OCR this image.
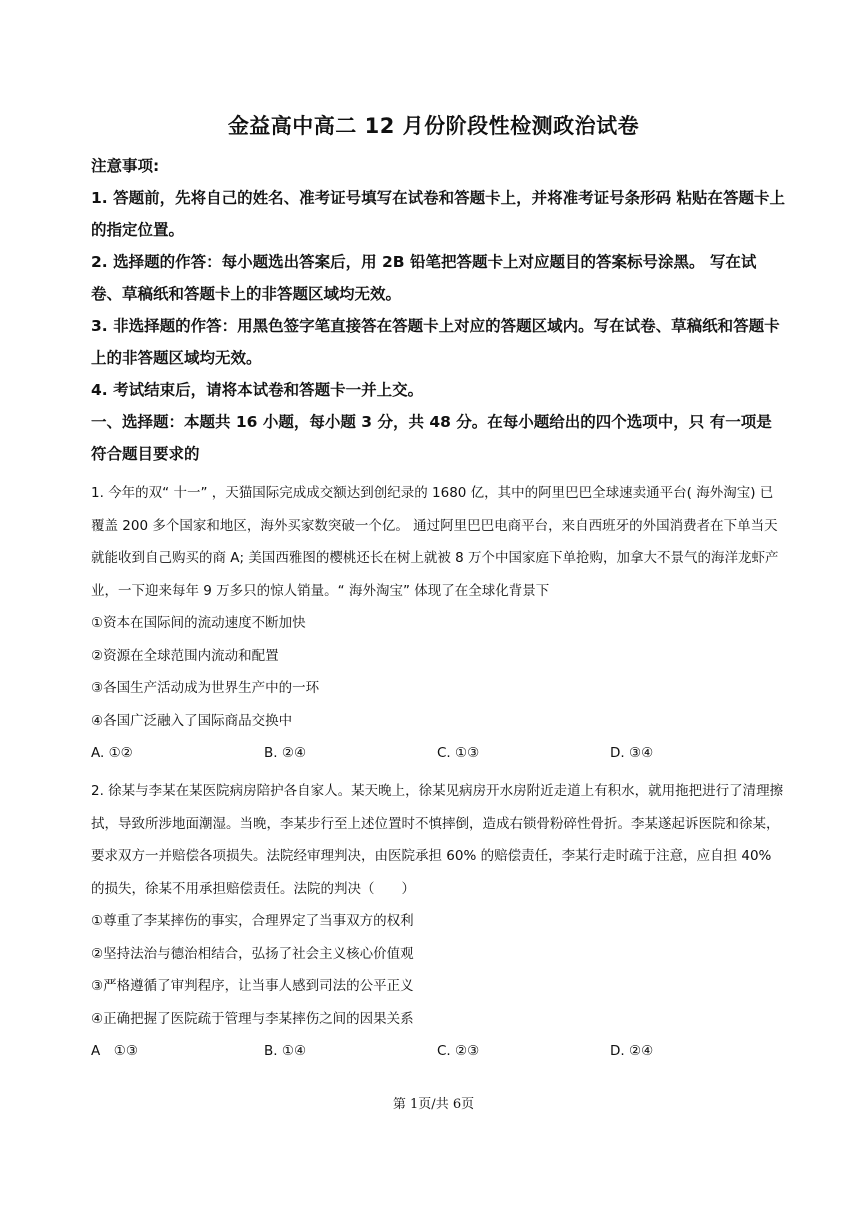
金益高中高二 12 月份阶段性检测政治试卷

注意事项:

1. 答题前，先将自己的姓名、准考证号填写在试卷和答题卡上，并将准考证号条形码 粘贴在答题卡上的指定位置。

2. 选择题的作答：每小题选出答案后，用 2B 铅笔把答题卡上对应题目的答案标号涂黑。 写在试卷、草稿纸和答题卡上的非答题区域均无效。

3. 非选择题的作答：用黑色签字笔直接答在答题卡上对应的答题区域内。写在试卷、草稿纸和答题卡上的非答题区域均无效。

4. 考试结束后，请将本试卷和答题卡一并上交。

一、选择题：本题共 16 小题，每小题 3 分，共 48 分。在每小题给出的四个选项中，只 有一项是符合题目要求的

1. 今年的双“ 十一” ，天猫国际完成成交额达到创纪录的 1680 亿，其中的阿里巴巴全球速卖通平台( 海外淘宝) 已覆盖 200 多个国家和地区，海外买家数突破一个亿。 通过阿里巴巴电商平台，来自西班牙的外国消费者在下单当天就能收到自己购买的商 A; 美国西雅图的樱桃还长在树上就被 8 万个中国家庭下单抢购，加拿大不景气的海洋龙虾产业，一下迎来每年 9 万多只的惊人销量。“ 海外淘宝” 体现了在全球化背景下

①资本在国际间的流动速度不断加快

②资源在全球范围内流动和配置

③各国生产活动成为世界生产中的一环

④各国广泛融入了国际商品交换中

A. ①②	B. ②④	C. ①③	D. ③④

2. 徐某与李某在某医院病房陪护各自家人。某天晚上，徐某见病房开水房附近走道上有积水，就用拖把进行了清理擦拭，导致所涉地面潮湿。当晚，李某步行至上述位置时不慎摔倒，造成右锁骨粉碎性骨折。李某遂起诉医院和徐某，要求双方一并赔偿各项损失。法院经审理判决，由医院承担 60% 的赔偿责任，李某行走时疏于注意，应自担 40% 的损失，徐某不用承担赔偿责任。法院的判决（　　）

①尊重了李某摔伤的事实，合理界定了当事双方的权利

②坚持法治与德治相结合，弘扬了社会主义核心价值观

③严格遵循了审判程序，让当事人感到司法的公平正义

④正确把握了医院疏于管理与李某摔伤之间的因果关系

A　①③	B. ①④	C. ②③	D. ②④
第 1页/共 6页
